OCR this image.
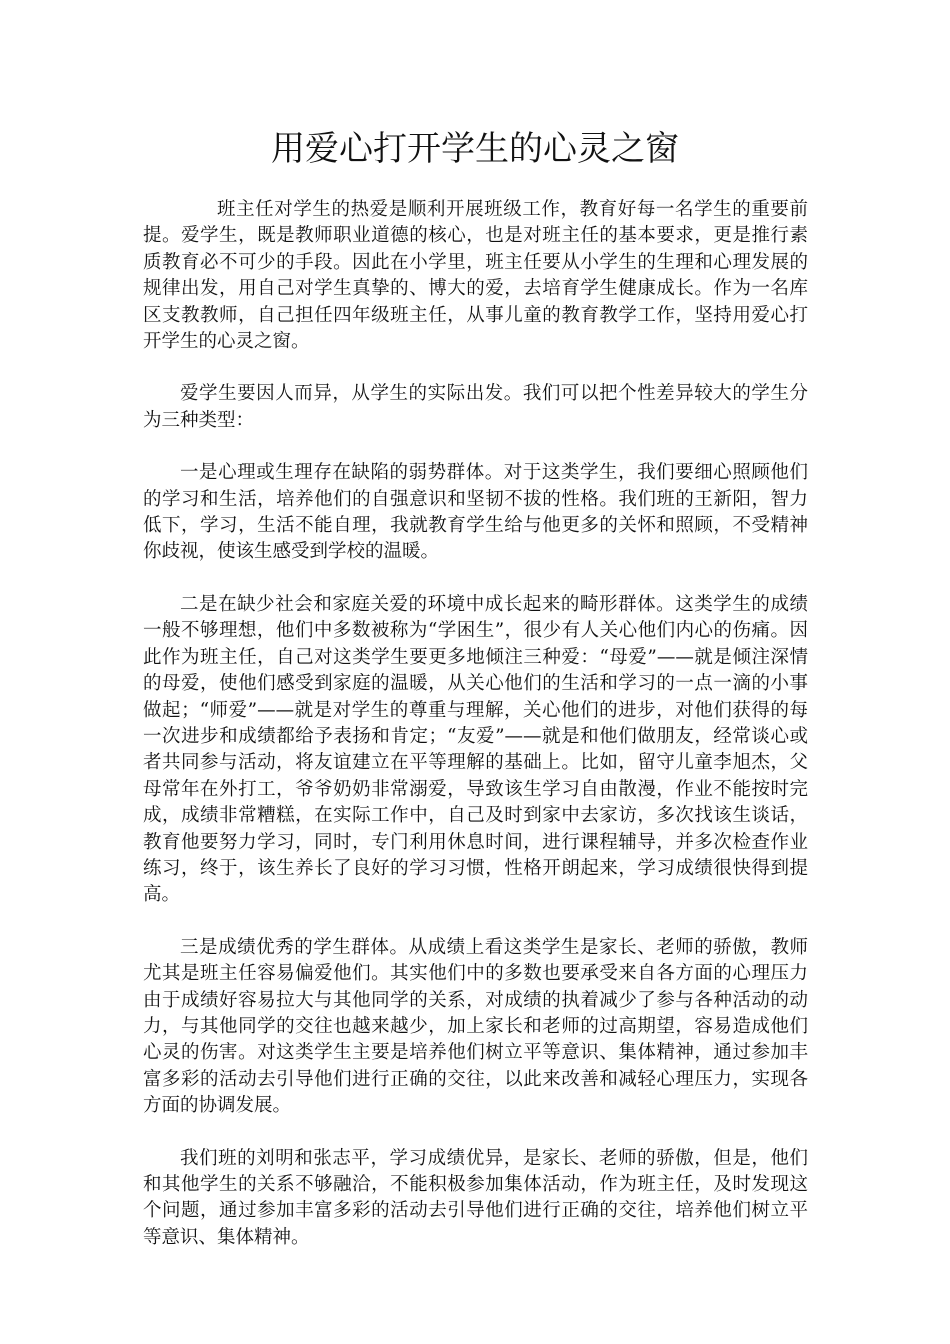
用爱心打开学生的心灵之窗

班主任对学生的热爱是顺利开展班级工作，教育好每一名学生的重要前提。爱学生，既是教师职业道德的核心，也是对班主任的基本要求，更是推行素质教育必不可少的手段。因此在小学里，班主任要从小学生的生理和心理发展的规律出发，用自己对学生真挚的、博大的爱，去培育学生健康成长。作为一名库区支教教师，自己担任四年级班主任，从事儿童的教育教学工作，坚持用爱心打开学生的心灵之窗。

爱学生要因人而异，从学生的实际出发。我们可以把个性差异较大的学生分为三种类型：

一是心理或生理存在缺陷的弱势群体。对于这类学生，我们要细心照顾他们的学习和生活，培养他们的自强意识和坚韧不拔的性格。我们班的王新阳，智力低下，学习，生活不能自理，我就教育学生给与他更多的关怀和照顾，不受精神你歧视，使该生感受到学校的温暖。

二是在缺少社会和家庭关爱的环境中成长起来的畸形群体。这类学生的成绩一般不够理想，他们中多数被称为“学困生”，很少有人关心他们内心的伤痛。因此作为班主任，自己对这类学生要更多地倾注三种爱：“母爱”——就是倾注深情的母爱，使他们感受到家庭的温暖，从关心他们的生活和学习的一点一滴的小事做起；“师爱”——就是对学生的尊重与理解，关心他们的进步，对他们获得的每一次进步和成绩都给予表扬和肯定；“友爱”——就是和他们做朋友，经常谈心或者共同参与活动，将友谊建立在平等理解的基础上。比如，留守儿童李旭杰，父母常年在外打工，爷爷奶奶非常溺爱，导致该生学习自由散漫，作业不能按时完成，成绩非常糟糕，在实际工作中，自己及时到家中去家访，多次找该生谈话，教育他要努力学习，同时，专门利用休息时间，进行课程辅导，并多次检查作业练习，终于，该生养长了良好的学习习惯，性格开朗起来，学习成绩很快得到提高。

三是成绩优秀的学生群体。从成绩上看这类学生是家长、老师的骄傲，教师尤其是班主任容易偏爱他们。其实他们中的多数也要承受来自各方面的心理压力由于成绩好容易拉大与其他同学的关系，对成绩的执着减少了参与各种活动的动力，与其他同学的交往也越来越少，加上家长和老师的过高期望，容易造成他们心灵的伤害。对这类学生主要是培养他们树立平等意识、集体精神，通过参加丰富多彩的活动去引导他们进行正确的交往，以此来改善和减轻心理压力，实现各方面的协调发展。

我们班的刘明和张志平，学习成绩优异，是家长、老师的骄傲，但是，他们和其他学生的关系不够融洽，不能积极参加集体活动，作为班主任，及时发现这个问题，通过参加丰富多彩的活动去引导他们进行正确的交往，培养他们树立平等意识、集体精神。
